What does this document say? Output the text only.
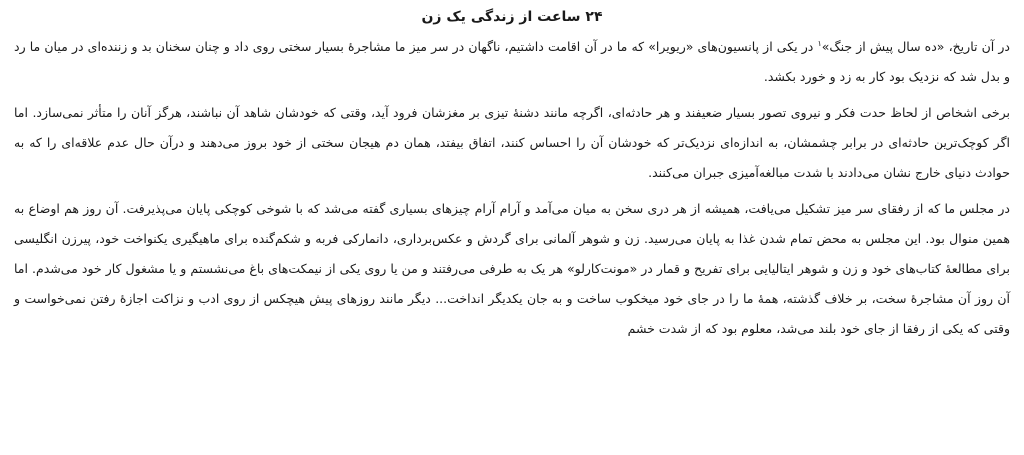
۲۴ ساعت از زندگی یک زن

در آن تاریخ، «ده سال پیش از جنگ»$^۱$ در یکی از پانسیون‌های «ریویرا» که ما در آن اقامت داشتیم، ناگهان در سر میز ما مشاجرهٔ بسیار سختی روی داد و چنان سخنان بد و زننده‌ای در میان ما رد و بدل شد که نزدیک بود کار به زد و خورد بکشد.

برخی اشخاص از لحاظ حدت فکر و نیروی تصور بسیار ضعیفند و هر حادثه‌ای، اگرچه مانند دشنهٔ تیزی بر مغزشان فرود آید، وقتی که خودشان شاهد آن نباشند، هرگز آنان را متأثر نمی‌سازد. اما اگر کوچک‌ترین حادثه‌ای در برابر چشمشان، به اندازه‌ای نزدیک‌تر که خودشان آن را احساس کنند، اتفاق بیفتد، همان دم هیجان سختی از خود بروز می‌دهند و درآن حال عدم علاقه‌ای را که به حوادث دنیای خارج نشان می‌دادند با شدت مبالغه‌آمیزی جبران می‌کنند.

در مجلس ما که از رفقای سر میز تشکیل می‌یافت، همیشه از هر دری سخن به میان می‌آمد و آرام آرام چیزهای بسیاری گفته می‌شد که با شوخی کوچکی پایان می‌پذیرفت. آن روز هم اوضاع به همین منوال بود. این مجلس به محض تمام شدن غذا به پایان می‌رسید. زن و شوهر آلمانی برای گردش و عکس‌برداری، دانمارکی فربه و شکم‌گنده برای ماهیگیری یکنواخت خود، پیرزن انگلیسی برای مطالعهٔ کتاب‌های خود و زن و شوهر ایتالیایی برای تفریح و قمار در «مونت‌کارلو» هر یک به طرفی می‌رفتند و من یا روی یکی از نیمکت‌های باغ می‌نشستم و یا مشغول کار خود می‌شدم. اما آن روز آن مشاجرهٔ سخت، بر خلاف گذشته، همهٔ ما را در جای خود میخکوب ساخت و به جان یکدیگر انداخت... دیگر مانند روزهای پیش هیچکس از روی ادب و نزاکت اجازهٔ رفتن نمی‌خواست و وقتی که یکی از رفقا از جای خود بلند می‌شد، معلوم بود که از شدت خشم
